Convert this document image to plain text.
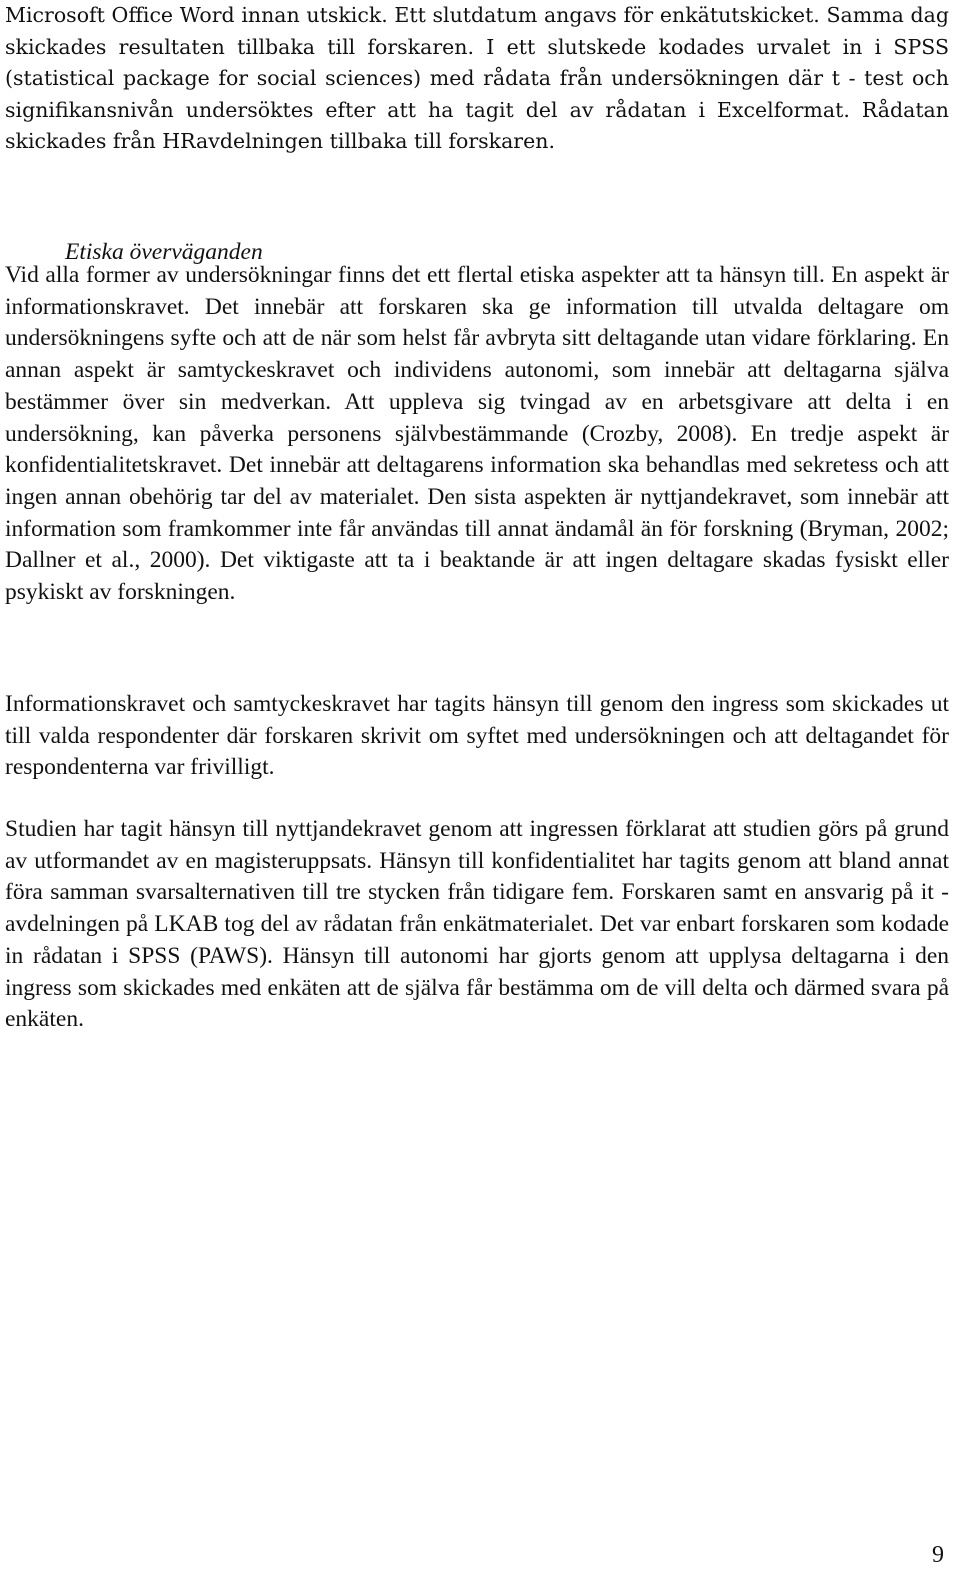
Microsoft Office Word innan utskick. Ett slutdatum angavs för enkätutskicket. Samma dag skickades resultaten tillbaka till forskaren. I ett slutskede kodades urvalet in i SPSS (statistical package for social sciences) med rådata från undersökningen där t - test och signifikansnivån undersöktes efter att ha tagit del av rådatan i Excelformat. Rådatan skickades från HRavdelningen tillbaka till forskaren.

Etiska överväganden

Vid alla former av undersökningar finns det ett flertal etiska aspekter att ta hänsyn till. En aspekt är informationskravet. Det innebär att forskaren ska ge information till utvalda deltagare om undersökningens syfte och att de när som helst får avbryta sitt deltagande utan vidare förklaring. En annan aspekt är samtyckeskravet och individens autonomi, som innebär att deltagarna själva bestämmer över sin medverkan. Att uppleva sig tvingad av en arbetsgivare att delta i en undersökning, kan påverka personens självbestämmande (Crozby, 2008). En tredje aspekt är konfidentialitetskravet. Det innebär att deltagarens information ska behandlas med sekretess och att ingen annan obehörig tar del av materialet. Den sista aspekten är nyttjandekravet, som innebär att information som framkommer inte får användas till annat ändamål än för forskning (Bryman, 2002; Dallner et al., 2000). Det viktigaste att ta i beaktande är att ingen deltagare skadas fysiskt eller psykiskt av forskningen.

Informationskravet och samtyckeskravet har tagits hänsyn till genom den ingress som skickades ut till valda respondenter där forskaren skrivit om syftet med undersökningen och att deltagandet för respondenterna var frivilligt.

Studien har tagit hänsyn till nyttjandekravet genom att ingressen förklarat att studien görs på grund av utformandet av en magisteruppsats. Hänsyn till konfidentialitet har tagits genom att bland annat föra samman svarsalternativen till tre stycken från tidigare fem. Forskaren samt en ansvarig på it - avdelningen på LKAB tog del av rådatan från enkätmaterialet. Det var enbart forskaren som kodade in rådatan i SPSS (PAWS). Hänsyn till autonomi har gjorts genom att upplysa deltagarna i den ingress som skickades med enkäten att de själva får bestämma om de vill delta och därmed svara på enkäten.

9
